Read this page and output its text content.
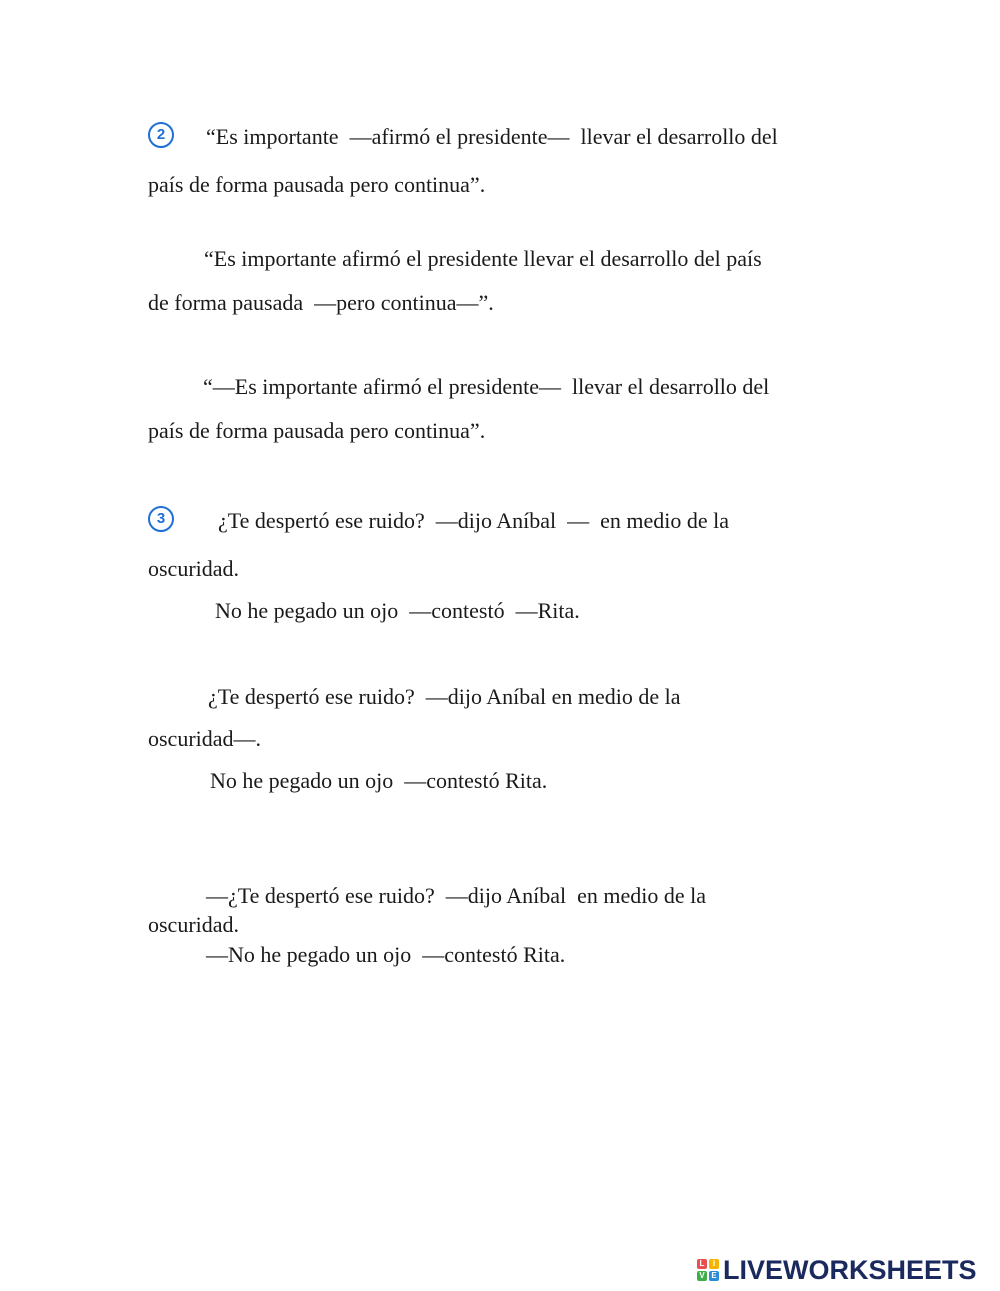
2	“Es importante  —afirmó el presidente—  llevar el desarrollo del
país de forma pausada pero continua”.
“Es importante afirmó el presidente llevar el desarrollo del país
de forma pausada  —pero continua—”.
“—Es importante afirmó el presidente—  llevar el desarrollo del
país de forma pausada pero continua”.
3	¿Te despertó ese ruido?  —dijo Aníbal  —  en medio de la
oscuridad.
No he pegado un ojo  —contestó  —Rita.
¿Te despertó ese ruido?  —dijo Aníbal en medio de la
oscuridad—.
No he pegado un ojo  —contestó Rita.
—¿Te despertó ese ruido?  —dijo Aníbal  en medio de la
oscuridad.
—No he pegado un ojo  —contestó Rita.
L	I
V E LIVEWORKSHEETS
